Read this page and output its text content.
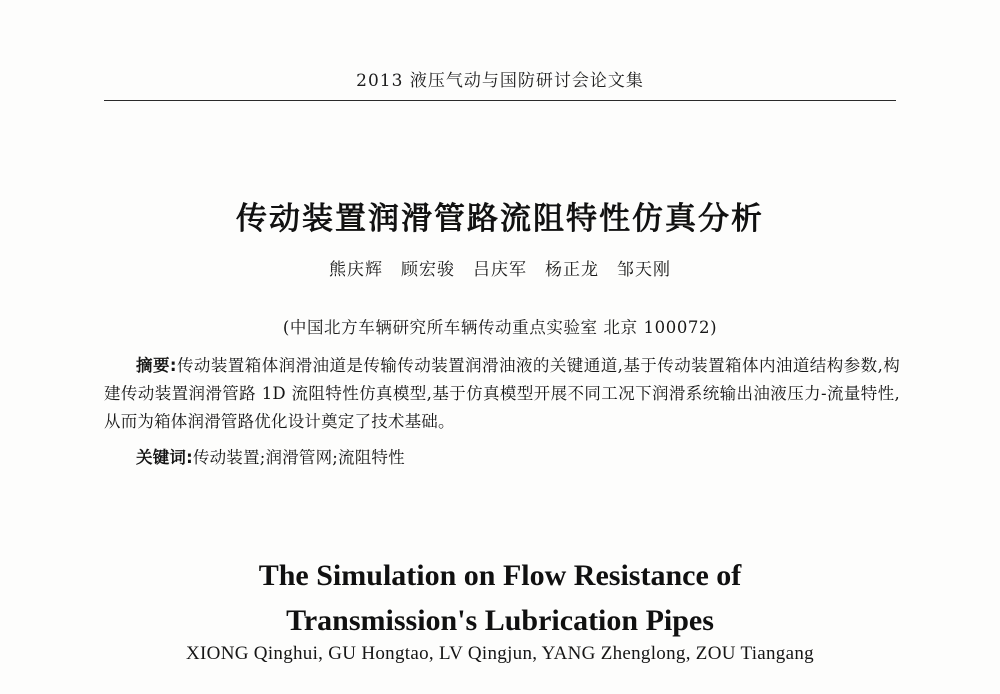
2013 液压气动与国防研讨会论文集
传动装置润滑管路流阻特性仿真分析
熊庆辉　顾宏骏　吕庆军　杨正龙　邹天刚
(中国北方车辆研究所车辆传动重点实验室 北京 100072)

摘要:传动装置箱体润滑油道是传输传动装置润滑油液的关键通道,基于传动装置箱体内油道结构参数,构建传动装置润滑管路 1D 流阻特性仿真模型,基于仿真模型开展不同工况下润滑系统输出油液压力-流量特性,从而为箱体润滑管路优化设计奠定了技术基础。

关键词:传动装置;润滑管网;流阻特性

The Simulation on Flow Resistance of
Transmission's Lubrication Pipes
XIONG Qinghui, GU Hongtao, LV Qingjun, YANG Zhenglong, ZOU Tiangang
